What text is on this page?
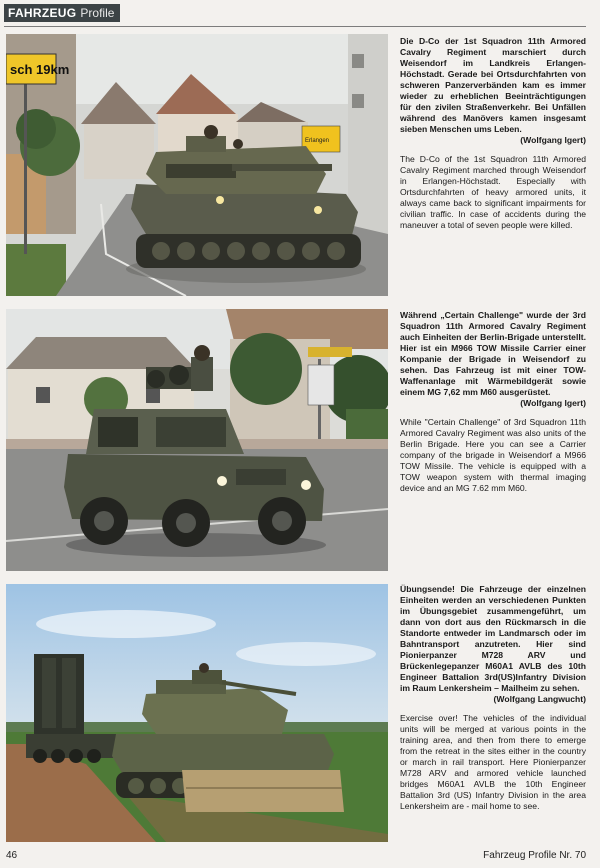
FAHRZEUG Profile
sch 19km
Erlangen
Die D-Co der 1st Squadron 11th Armored Cavalry Regiment marschiert durch Weisendorf im Landkreis Erlangen-Höchstadt. Gerade bei Ortsdurchfahrten von schweren Panzerverbänden kam es immer wieder zu erheblichen Beeinträchtigungen für den zivilen Straßenverkehr. Bei Unfällen während des Manövers kamen insgesamt sieben Menschen ums Leben.
(Wolfgang Igert)
The D-Co of the 1st Squadron 11th Armored Cavalry Regiment marched through Weisendorf in Erlangen-Höchstadt. Especially with Ortsdurchfahrten of heavy armored units, it always came back to significant impairments for civilian traffic. In case of accidents during the maneuver a total of seven people were killed.
Während „Certain Challenge" wurde der 3rd Squadron 11th Armored Cavalry Regiment auch Einheiten der Berlin-Brigade unterstellt. Hier ist ein M966 TOW Missile Carrier einer Kompanie der Brigade in Weisendorf zu sehen. Das Fahrzeug ist mit einer TOW-Waffenanlage mit Wärmebildgerät sowie einem MG 7,62 mm M60 ausgerüstet.
(Wolfgang Igert)
While "Certain Challenge" of 3rd Squadron 11th Armored Cavalry Regiment was also units of the Berlin Brigade. Here you can see a Carrier company of the brigade in Weisendorf a M966 TOW Missile. The vehicle is equipped with a TOW weapon system with thermal imaging device and an MG 7.62 mm M60.
Übungsende! Die Fahrzeuge der einzelnen Einheiten werden an verschiedenen Punkten im Übungsgebiet zusammengeführt, um dann von dort aus den Rückmarsch in die Standorte entweder im Landmarsch oder im Bahntransport anzutreten. Hier sind Pionierpanzer M728 ARV und Brückenlegepanzer M60A1 AVLB des 10th Engineer Battalion 3rd(US)Infantry Division im Raum Lenkersheim – Mailheim zu sehen.
(Wolfgang Langwucht)
Exercise over! The vehicles of the individual units will be merged at various points in the training area, and then from there to emerge from the retreat in the sites either in the country or march in rail transport. Here Pionierpanzer M728 ARV and armored vehicle launched bridges M60A1 AVLB the 10th Engineer Battalion 3rd (US) Infantry Division in the area Lenkersheim are - mail home to see.
46	Fahrzeug Profile Nr. 70
